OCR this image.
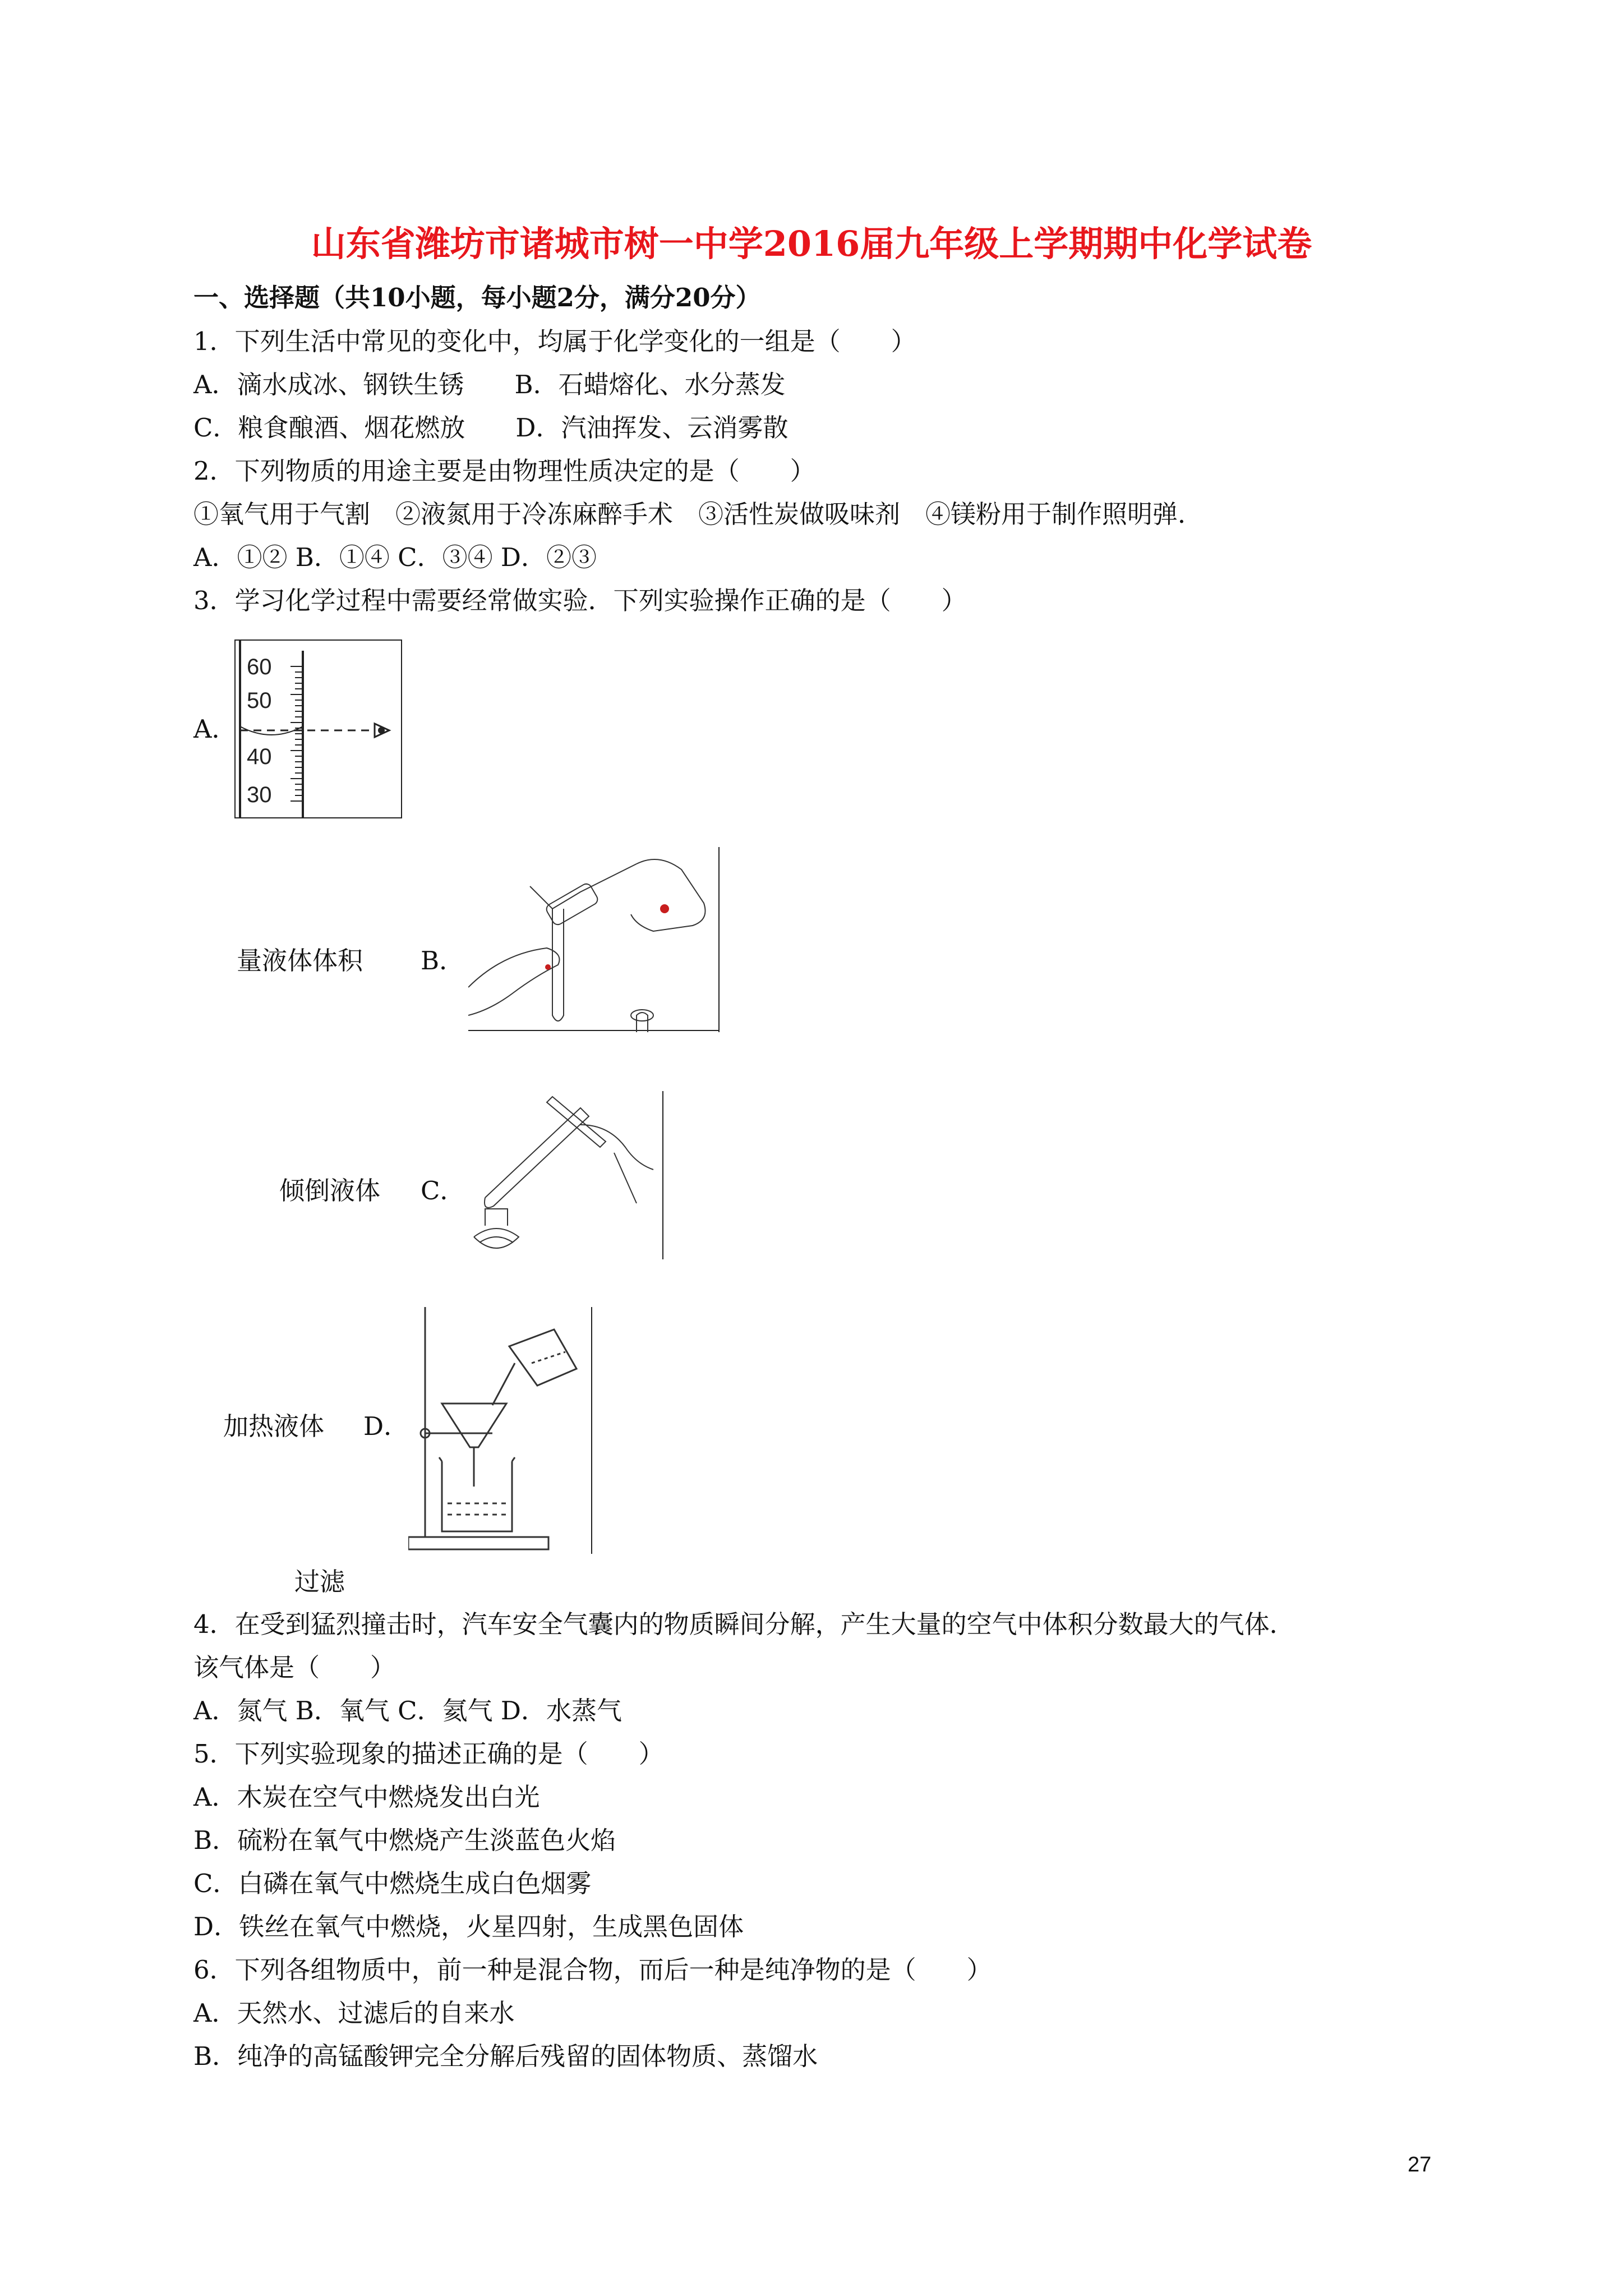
山东省潍坊市诸城市树一中学2016届九年级上学期期中化学试卷
一、选择题（共10小题，每小题2分，满分20分）
1．下列生活中常见的变化中，均属于化学变化的一组是（　　）
A．滴水成冰、钢铁生锈　　B．石蜡熔化、水分蒸发
C．粮食酿酒、烟花燃放　　D．汽油挥发、云消雾散
2．下列物质的用途主要是由物理性质决定的是（　　）
①氧气用于气割　②液氮用于冷冻麻醉手术　③活性炭做吸味剂　④镁粉用于制作照明弹．
A．①② B．①④ C．③④ D．②③
3．学习化学过程中需要经常做实验．下列实验操作正确的是（　　）
A．
60
50
40
30
量液体体积 B．
倾倒液体 C．
加热液体 D．
过滤
4．在受到猛烈撞击时，汽车安全气囊内的物质瞬间分解，产生大量的空气中体积分数最大的气体．
该气体是（　　）
A．氮气 B．氧气 C．氦气 D．水蒸气
5．下列实验现象的描述正确的是（　　）
A．木炭在空气中燃烧发出白光
B．硫粉在氧气中燃烧产生淡蓝色火焰
C．白磷在氧气中燃烧生成白色烟雾
D．铁丝在氧气中燃烧，火星四射，生成黑色固体
6．下列各组物质中，前一种是混合物，而后一种是纯净物的是（　　）
A．天然水、过滤后的自来水
B．纯净的高锰酸钾完全分解后残留的固体物质、蒸馏水
27
